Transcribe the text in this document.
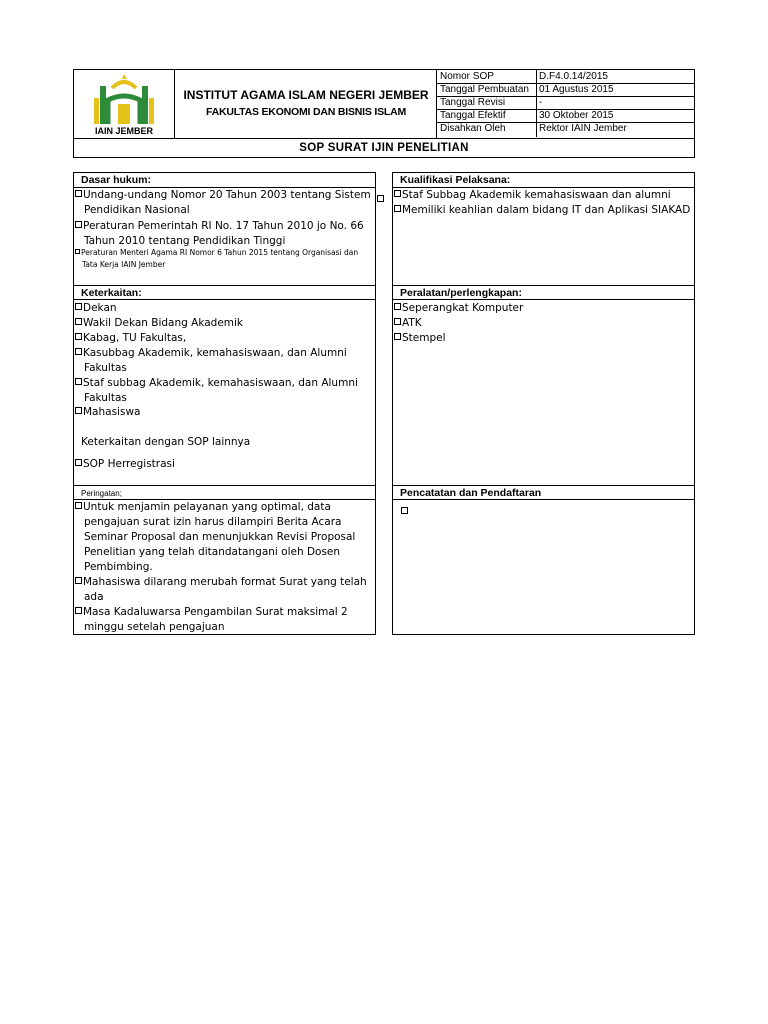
IAIN JEMBER
INSTITUT AGAMA ISLAM NEGERI JEMBER
FAKULTAS EKONOMI DAN BISNIS ISLAM
Nomor SOP	D.F4.0.14/2015
Tanggal Pembuatan 01 Agustus 2015
Tanggal Revisi	-
Tanggal Efektif	30 Oktober 2015
Disahkan Oleh	Rektor IAIN Jember
SOP SURAT IJIN PENELITIAN
Dasar hukum:
Undang-undang Nomor 20 Tahun 2003 tentang Sistem
Pendidikan Nasional
Peraturan Pemerintah RI No. 17 Tahun 2010 jo No. 66
Tahun 2010 tentang Pendidikan Tinggi
Peraturan Menteri Agama RI Nomor 6 Tahun 2015 tentang Organisasi dan
Tata Kerja IAIN Jember
Keterkaitan:
Dekan
Wakil Dekan Bidang Akademik
Kabag, TU Fakultas,
Kasubbag Akademik, kemahasiswaan, dan Alumni
Fakultas
Staf subbag Akademik, kemahasiswaan, dan Alumni
Fakultas
Mahasiswa
Keterkaitan dengan SOP lainnya
SOP Herregistrasi
Peringatan;
Untuk menjamin pelayanan yang optimal, data
pengajuan surat izin harus dilampiri Berita Acara
Seminar Proposal dan menunjukkan Revisi Proposal
Penelitian yang telah ditandatangani oleh Dosen
Pembimbing.
Mahasiswa dilarang merubah format Surat yang telah
ada
Masa Kadaluwarsa Pengambilan Surat maksimal 2
minggu setelah pengajuan
Kualifikasi Pelaksana:
Staf Subbag Akademik kemahasiswaan dan alumni
Memiliki keahlian dalam bidang IT dan Aplikasi SIAKAD
Peralatan/perlengkapan:
Seperangkat Komputer
ATK
Stempel
Pencatatan dan Pendaftaran
